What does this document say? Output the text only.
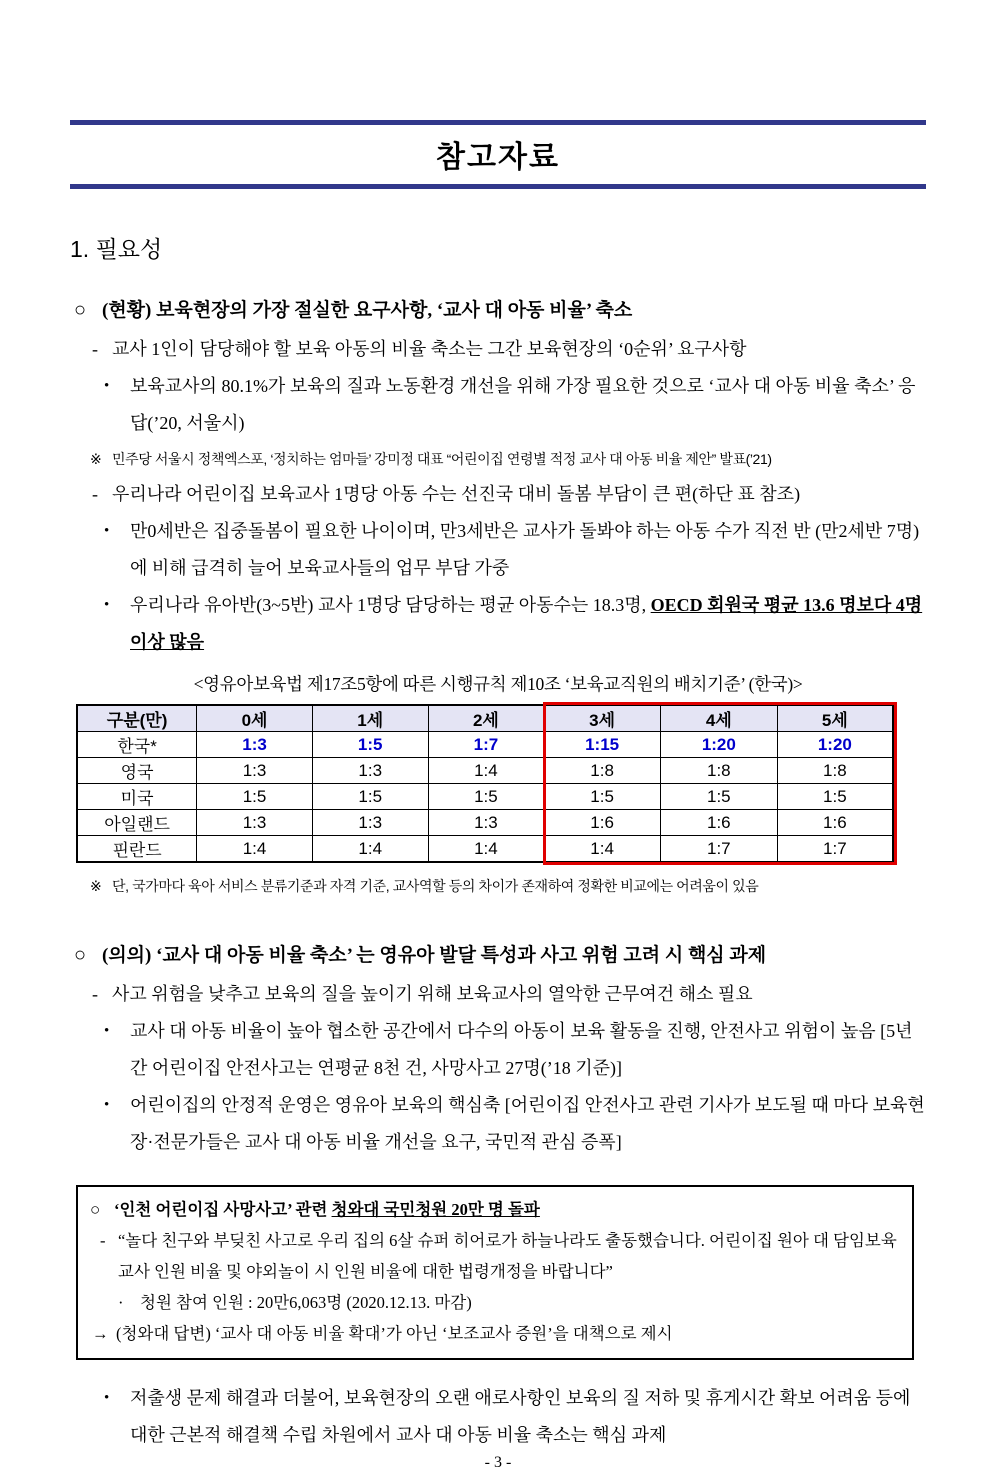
참고자료
1. 필요성
○ (현황) 보육현장의 가장 절실한 요구사항, ‘교사 대 아동 비율’ 축소
- 교사 1인이 담당해야 할 보육 아동의 비율 축소는 그간 보육현장의 ‘0순위’ 요구사항
•	보육교사의 80.1%가 보육의 질과 노동환경 개선을 위해 가장 필요한 것으로 ‘교사 대 아동 비율 축소’ 응답(’20, 서울시)
※ 민주당 서울시 정책엑스포, ‘정치하는 엄마들’ 강미정 대표 “어린이집 연령별 적정 교사 대 아동 비율 제안” 발표(’21)
- 우리나라 어린이집 보육교사 1명당 아동 수는 선진국 대비 돌봄 부담이 큰 편(하단 표 참조)
•	만0세반은 집중돌봄이 필요한 나이이며, 만3세반은 교사가 돌봐야 하는 아동 수가 직전 반 (만2세반 7명)에 비해 급격히 늘어 보육교사들의 업무 부담 가중
•	우리나라 유아반(3~5반) 교사 1명당 담당하는 평균 아동수는 18.3명, OECD 회원국 평균 13.6 명보다 4명 이상 많음
<영유아보육법 제17조5항에 따른 시행규칙 제10조 ‘보육교직원의 배치기준’ (한국)>
구분(만)	0세	1세	2세	3세	4세	5세
한국*	1:3	1:5	1:7	1:15	1:20	1:20
영국	1:3	1:3	1:4	1:8	1:8	1:8
미국	1:5	1:5	1:5	1:5	1:5	1:5
아일랜드	1:3	1:3	1:3	1:6	1:6	1:6
핀란드	1:4	1:4	1:4	1:4	1:7	1:7
※ 단, 국가마다 육아 서비스 분류기준과 자격 기준, 교사역할 등의 차이가 존재하여 정확한 비교에는 어려움이 있음
○ (의의) ‘교사 대 아동 비율 축소’ 는 영유아 발달 특성과 사고 위험 고려 시 핵심 과제
- 사고 위험을 낮추고 보육의 질을 높이기 위해 보육교사의 열악한 근무여건 해소 필요
•	교사 대 아동 비율이 높아 협소한 공간에서 다수의 아동이 보육 활동을 진행, 안전사고 위험이 높음 [5년간 어린이집 안전사고는 연평균 8천 건, 사망사고 27명(’18 기준)]
•	어린이집의 안정적 운영은 영유아 보육의 핵심축 [어린이집 안전사고 관련 기사가 보도될 때 마다 보육현장·전문가들은 교사 대 아동 비율 개선을 요구, 국민적 관심 증폭]
○ ‘인천 어린이집 사망사고’ 관련 청와대 국민청원 20만 명 돌파
- “놀다 친구와 부딪친 사고로 우리 집의 6살 슈퍼 히어로가 하늘나라도 출동했습니다. 어린이집 원아 대 담임보육교사 인원 비율 및 야외놀이 시 인원 비율에 대한 법령개정을 바랍니다”
·	청원 참여 인원 : 20만6,063명 (2020.12.13. 마감)
→ (청와대 답변) ‘교사 대 아동 비율 확대’가 아닌 ‘보조교사 증원’을 대책으로 제시
•	저출생 문제 해결과 더불어, 보육현장의 오랜 애로사항인 보육의 질 저하 및 휴게시간 확보 어려움 등에 대한 근본적 해결책 수립 차원에서 교사 대 아동 비율 축소는 핵심 과제
- 3 -
